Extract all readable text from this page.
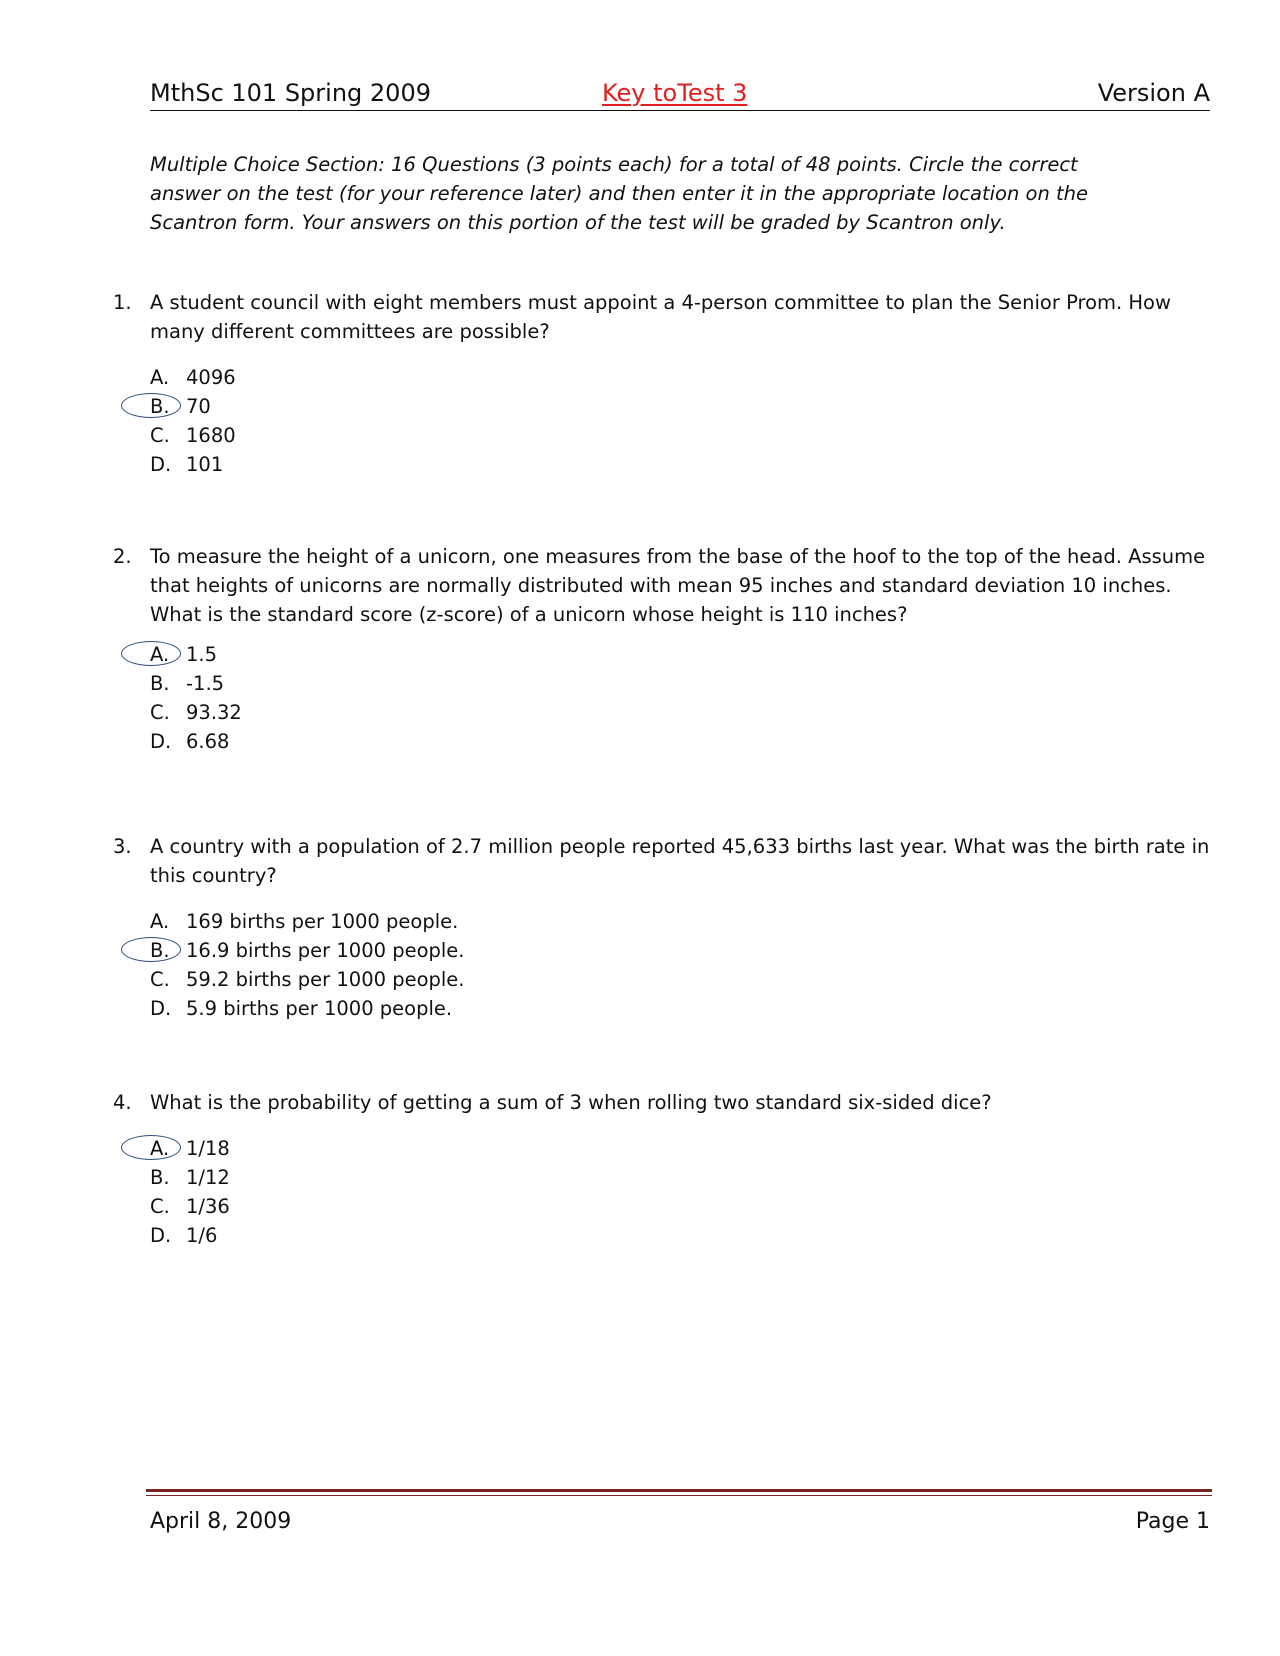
MthSc 101 Spring 2009	Key toTest 3	Version A

Multiple Choice Section: 16 Questions (3 points each) for a total of 48 points. Circle the correct answer on the test (for your reference later) and then enter it in the appropriate location on the Scantron form. Your answers on this portion of the test will be graded by Scantron only.

1. A student council with eight members must appoint a 4-person committee to plan the Senior Prom. How many different committees are possible?

A. 4096
B. 70
C. 1680
D. 101
2. To measure the height of a unicorn, one measures from the base of the hoof to the top of the head. Assume that heights of unicorns are normally distributed with mean 95 inches and standard deviation 10 inches. What is the standard score (z-score) of a unicorn whose height is 110 inches?

A. 1.5
B. -1.5
C. 93.32
D. 6.68
3. A country with a population of 2.7 million people reported 45,633 births last year. What was the birth rate in this country?

A. 169 births per 1000 people.
B. 16.9 births per 1000 people.
C. 59.2 births per 1000 people.
D. 5.9 births per 1000 people.
4. What is the probability of getting a sum of 3 when rolling two standard six-sided dice?

A. 1/18
B. 1/12
C. 1/36
D. 1/6
April 8, 2009	Page 1
